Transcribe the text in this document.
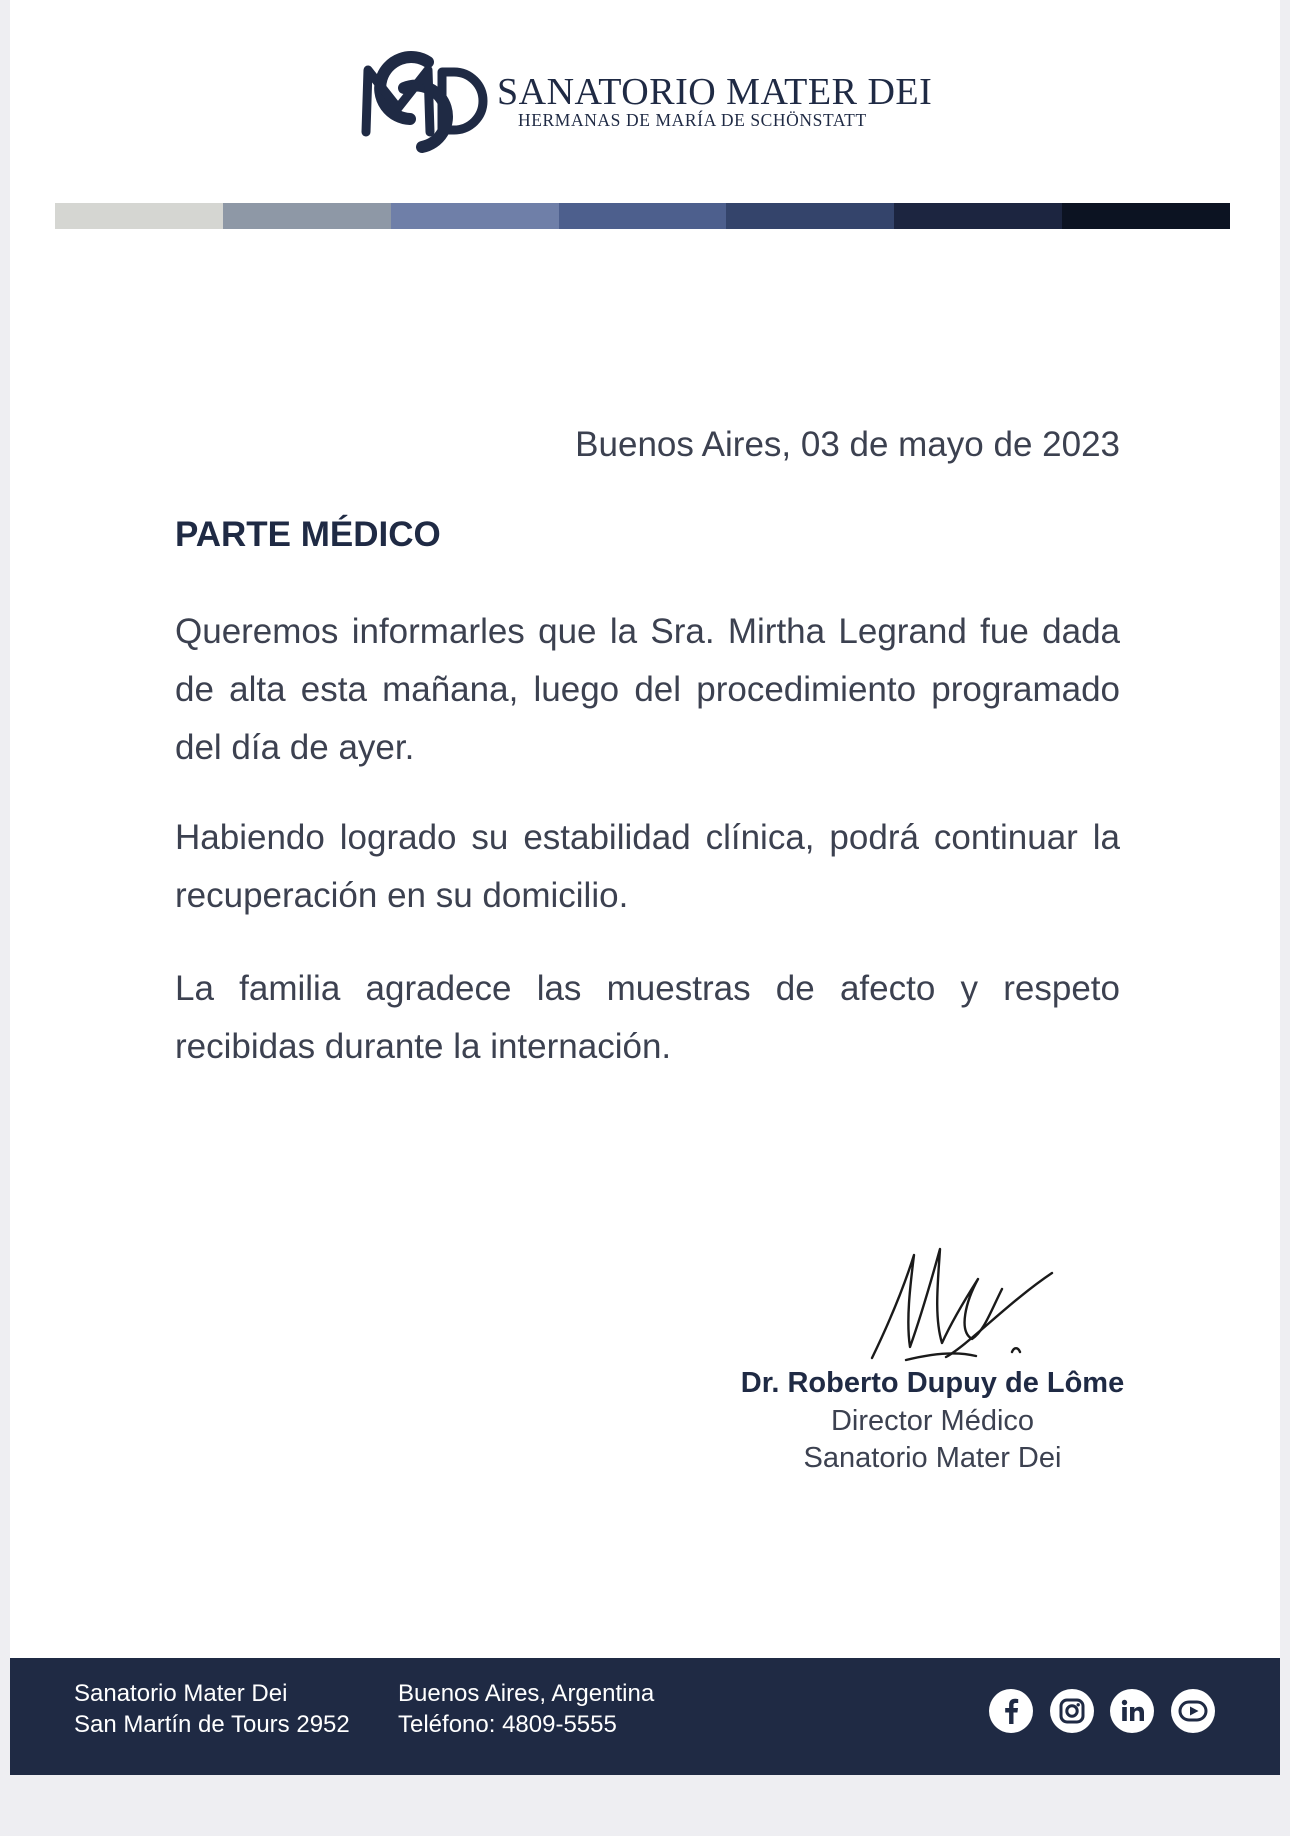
SANATORIO MATER DEI
HERMANAS DE MARÍA DE SCHÖNSTATT
Buenos Aires, 03 de mayo de 2023
PARTE MÉDICO

Queremos informarles que la Sra. Mirtha Legrand fue dada de alta esta mañana, luego del procedimiento programado del día de ayer.

Habiendo logrado su estabilidad clínica, podrá continuar la recuperación en su domicilio.

La familia agradece las muestras de afecto y respeto recibidas durante la internación.

Dr. Roberto Dupuy de Lôme
Director Médico
Sanatorio Mater Dei
Sanatorio Mater Dei
San Martín de Tours 2952
Buenos Aires, Argentina
Teléfono: 4809-5555
